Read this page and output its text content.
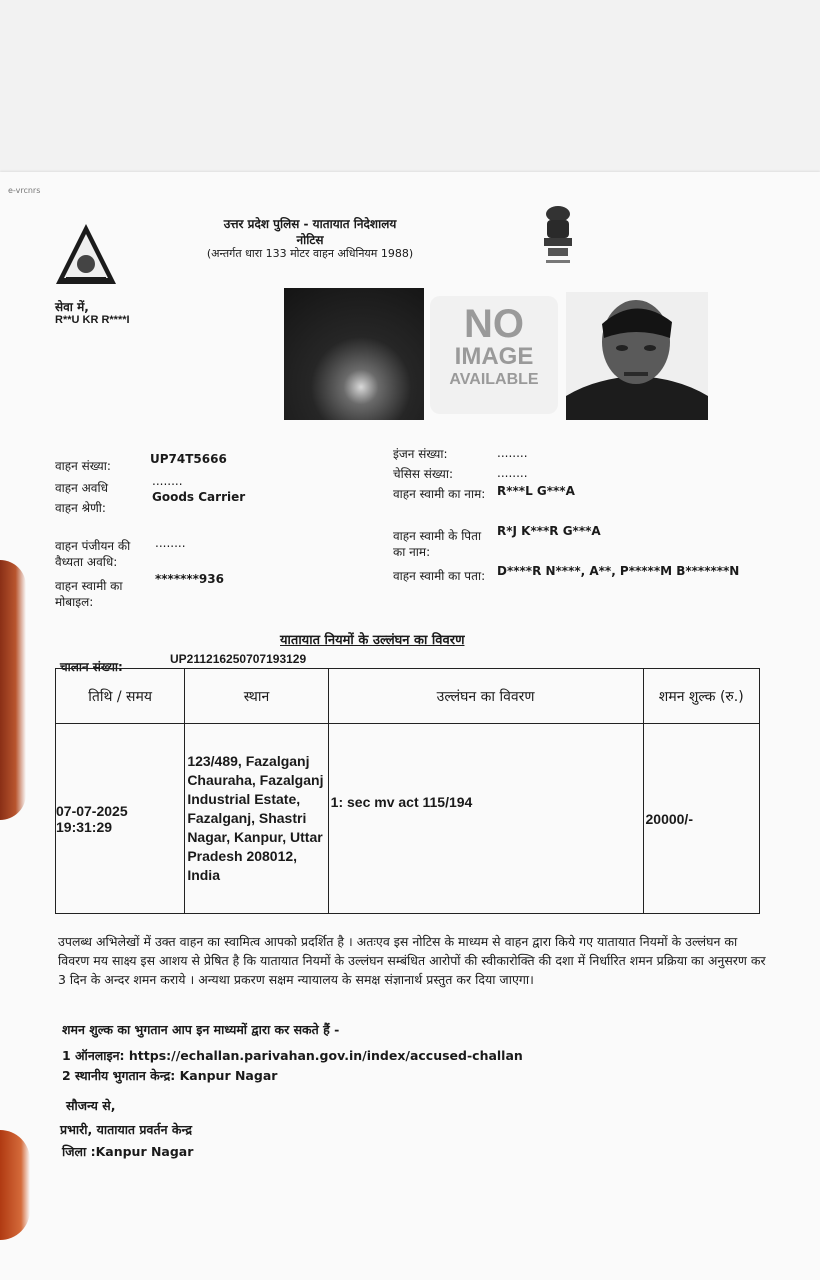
e-vrcnrs
उत्तर प्रदेश पुलिस - यातायात निदेशालय
नोटिस
(अन्तर्गत धारा 133 मोटर वाहन अधिनियम 1988)
सेवा में,
R**U KR R****I	NO
IMAGE
AVAILABLE
वाहन संख्या:	UP74T5666
वाहन अवधि	........
वाहन श्रेणी:
Goods Carrier
वाहन पंजीयन की वैध्यता अवधि:
........
वाहन स्वामी का मोबाइल:
*******936
इंजन संख्या:	........
चेसिस संख्या:	........
वाहन स्वामी का नाम: R***L G***A
वाहन स्वामी के पिता का नाम:
R*J K***R G***A
वाहन स्वामी का पता: D****R N****, A**, P*****M B*******N
यातायात नियमों के उल्लंघन का विवरण
चालान संख्या:
UP211216250707193129
तिथि / समय	स्थान	उल्लंघन का विवरण	शमन शुल्क (रु.)

07-07-2025
19:31:29	123/489, Fazalganj Chauraha, Fazalganj Industrial Estate, Fazalganj, Shastri Nagar, Kanpur, Uttar Pradesh 208012, India	1: sec mv act 115/194	20000/-
उपलब्ध अभिलेखों में उक्त वाहन का स्वामित्व आपको प्रदर्शित है । अतःएव इस नोटिस के माध्यम से वाहन द्वारा किये गए यातायात नियमों के उल्लंघन का विवरण मय साक्ष्य इस आशय से प्रेषित है कि यातायात नियमों के उल्लंघन सम्बंधित आरोपों की स्वीकारोक्ति की दशा में निर्धारित शमन प्रक्रिया का अनुसरण कर 3 दिन के अन्दर शमन कराये । अन्यथा प्रकरण सक्षम न्यायालय के समक्ष संज्ञानार्थ प्रस्तुत कर दिया जाएगा।
शमन शुल्क का भुगतान आप इन माध्यमों द्वारा कर सकते हैं -
1 ऑनलाइन: https://echallan.parivahan.gov.in/index/accused-challan
2 स्थानीय भुगतान केन्द्र: Kanpur Nagar
सौजन्य से,
प्रभारी, यातायात प्रवर्तन केन्द्र
जिला :Kanpur Nagar
